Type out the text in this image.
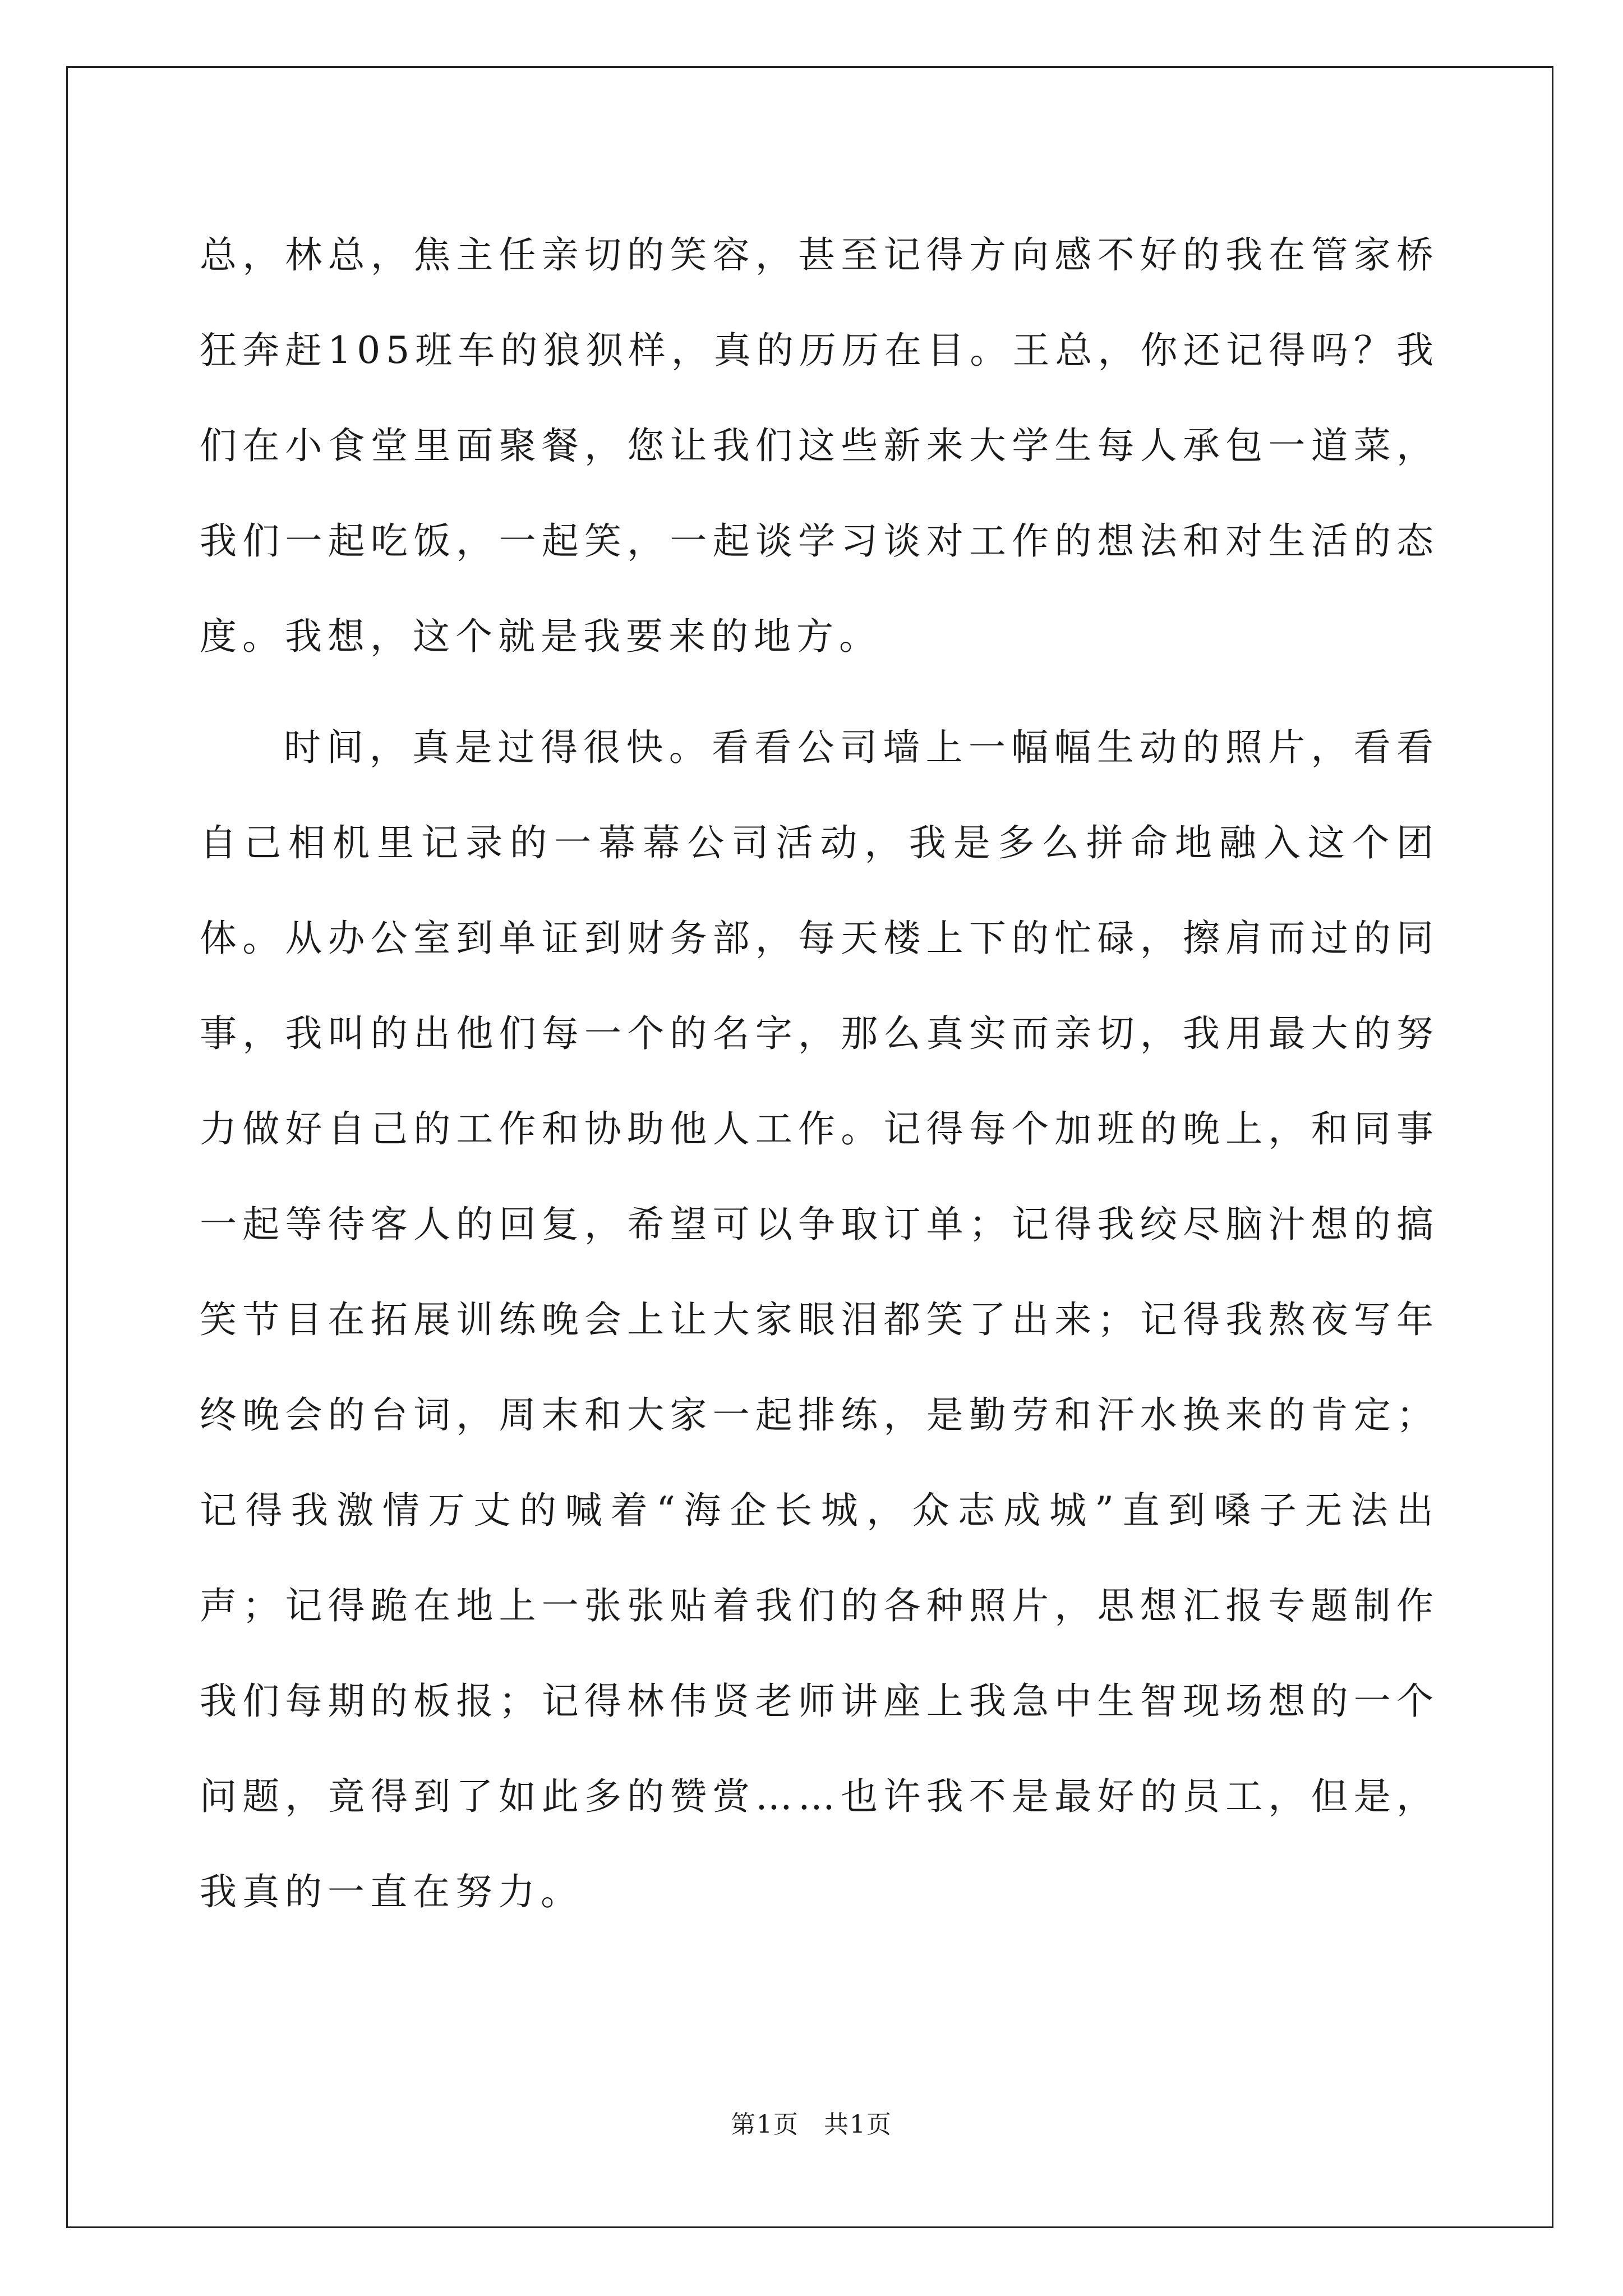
总，林总，焦主任亲切的笑容，甚至记得方向感不好的我在管家桥狂奔赶105班车的狼狈样，真的历历在目。王总，你还记得吗？我们在小食堂里面聚餐，您让我们这些新来大学生每人承包一道菜，我们一起吃饭，一起笑，一起谈学习谈对工作的想法和对生活的态度。我想，这个就是我要来的地方。

时间，真是过得很快。看看公司墙上一幅幅生动的照片，看看自己相机里记录的一幕幕公司活动，我是多么拼命地融入这个团体。从办公室到单证到财务部，每天楼上下的忙碌，擦肩而过的同事，我叫的出他们每一个的名字，那么真实而亲切，我用最大的努力做好自己的工作和协助他人工作。记得每个加班的晚上，和同事一起等待客人的回复，希望可以争取订单；记得我绞尽脑汁想的搞笑节目在拓展训练晚会上让大家眼泪都笑了出来；记得我熬夜写年终晚会的台词，周末和大家一起排练，是勤劳和汗水换来的肯定；记得我激情万丈的喊着“海企长城，众志成城”直到嗓子无法出声；记得跪在地上一张张贴着我们的各种照片，思想汇报专题制作我们每期的板报；记得林伟贤老师讲座上我急中生智现场想的一个问题，竟得到了如此多的赞赏……也许我不是最好的员工，但是，我真的一直在努力。

第1页 共1页
